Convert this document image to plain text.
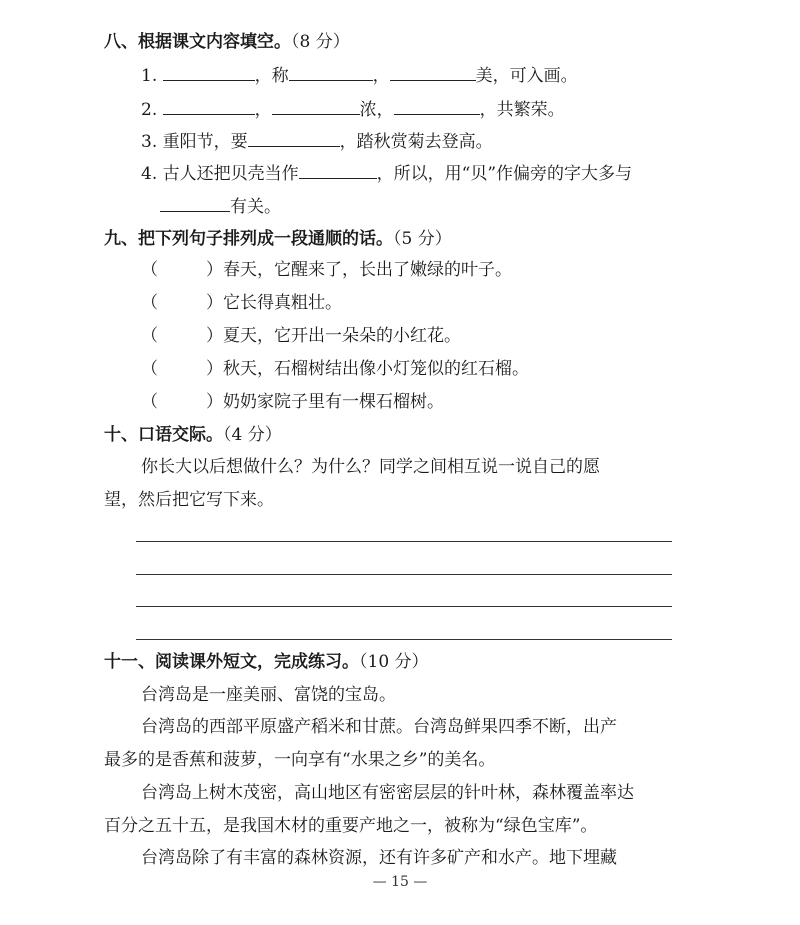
八、根据课文内容填空。（8 分）
1.	，称	，	美，可入画。
2.	，	浓，	，共繁荣。
3. 重阳节，要	，踏秋赏菊去登高。
4. 古人还把贝壳当作	，所以，用“贝”作偏旁的字大多与
有关。
九、把下列句子排列成一段通顺的话。（5 分）
（	）春天，它醒来了，长出了嫩绿的叶子。
（	）它长得真粗壮。
（	）夏天，它开出一朵朵的小红花。
（	）秋天，石榴树结出像小灯笼似的红石榴。
（	）奶奶家院子里有一棵石榴树。
十、口语交际。（4 分）
你长大以后想做什么？为什么？同学之间相互说一说自己的愿
望，然后把它写下来。
十一、阅读课外短文，完成练习。（10 分）
台湾岛是一座美丽、富饶的宝岛。
台湾岛的西部平原盛产稻米和甘蔗。台湾岛鲜果四季不断，出产
最多的是香蕉和菠萝，一向享有“水果之乡”的美名。
台湾岛上树木茂密，高山地区有密密层层的针叶林，森林覆盖率达
百分之五十五，是我国木材的重要产地之一，被称为“绿色宝库”。
台湾岛除了有丰富的森林资源，还有许多矿产和水产。地下埋藏
— 15 —
